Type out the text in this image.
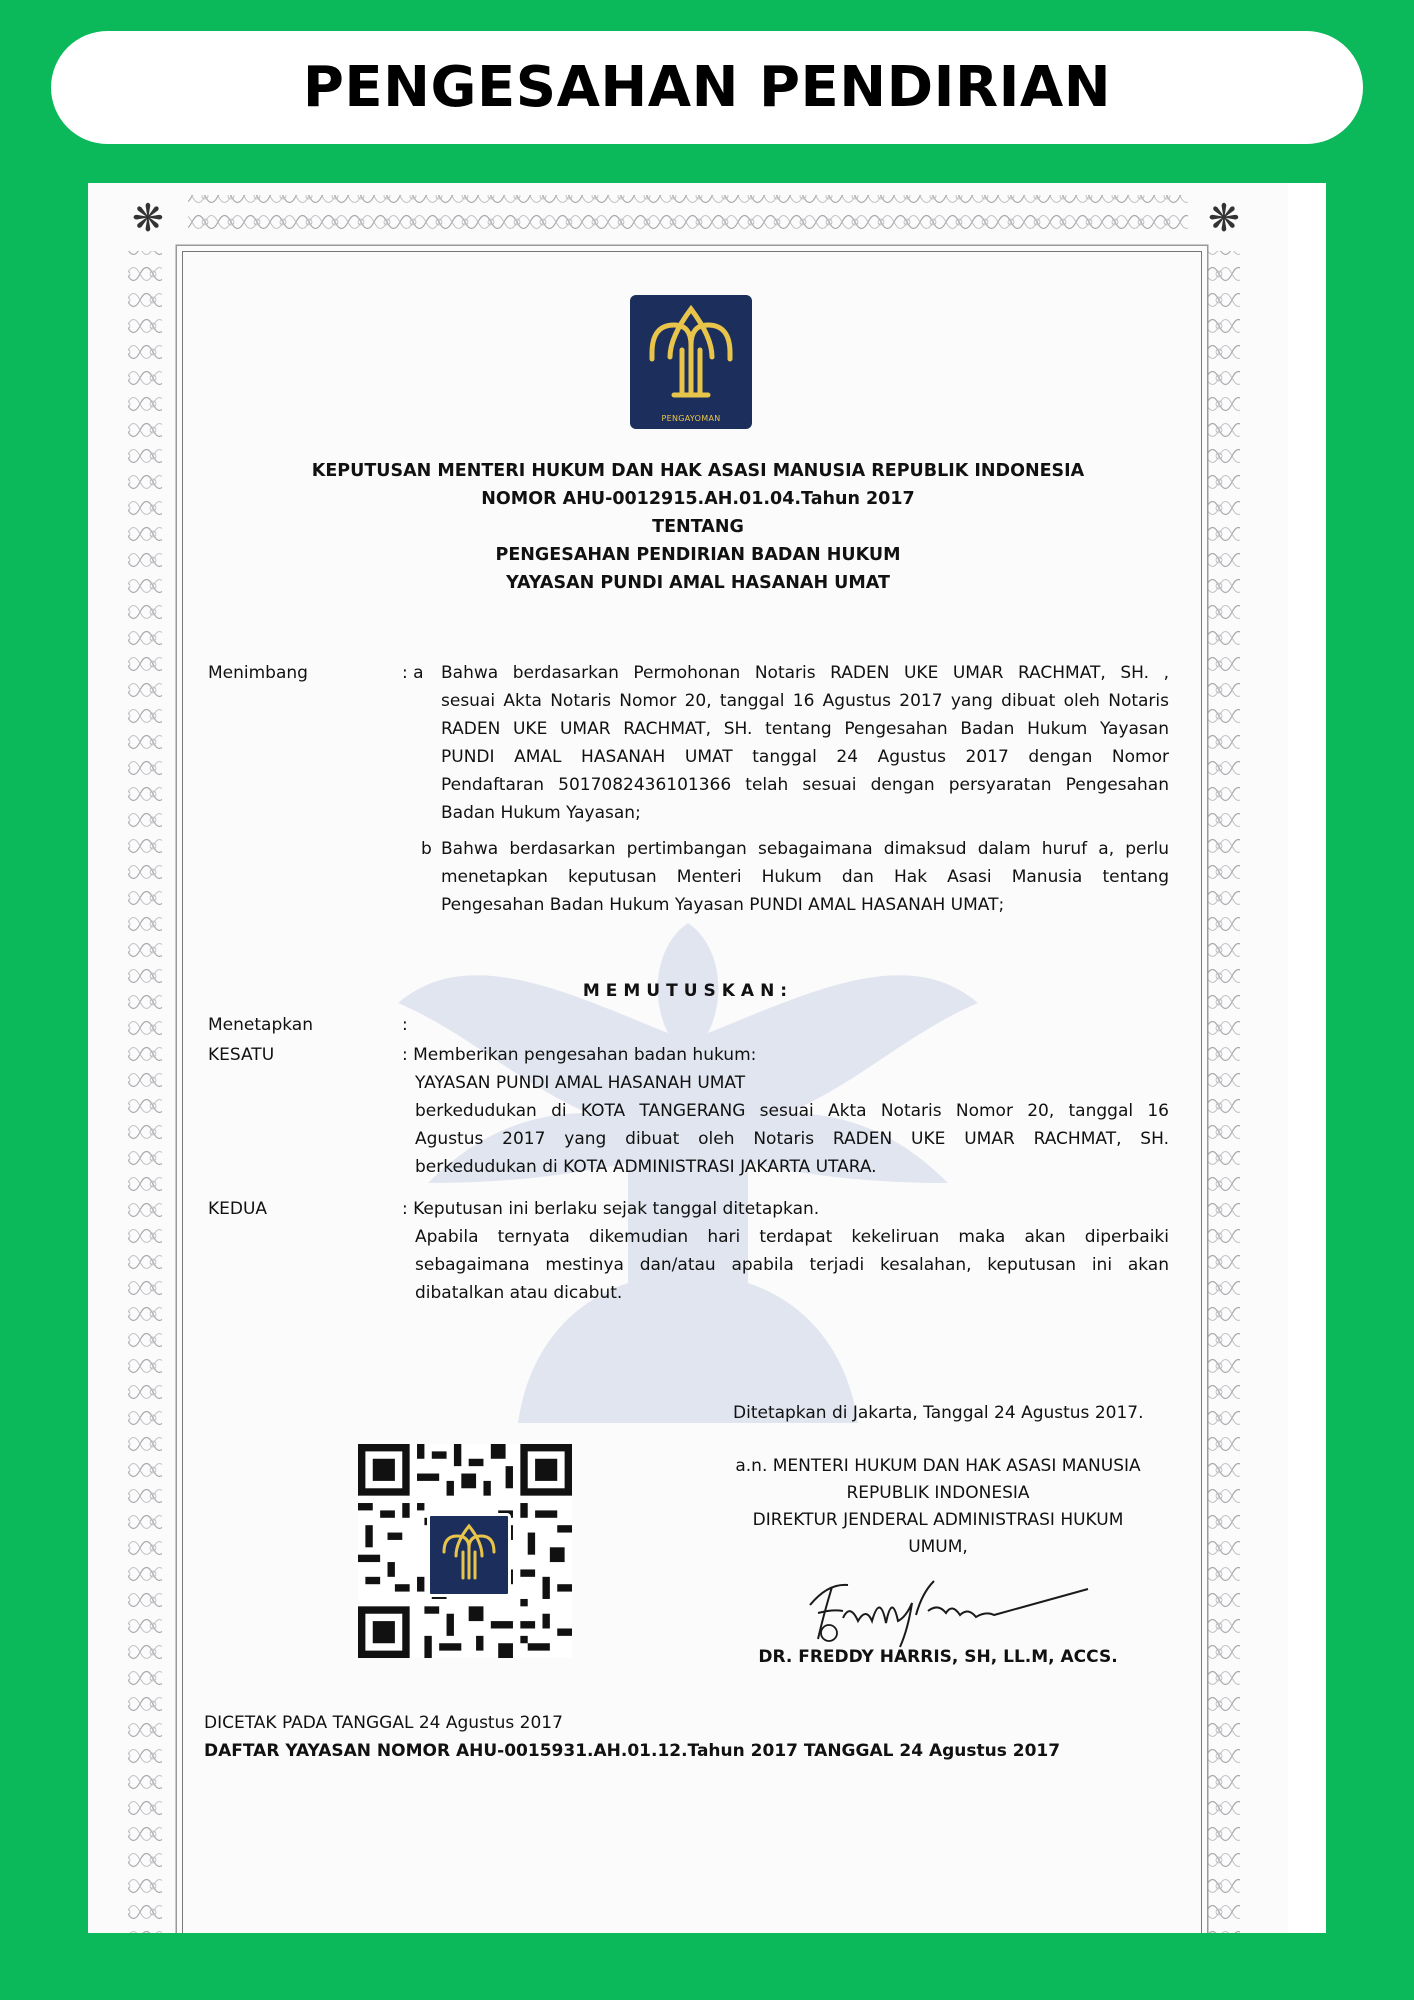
PENGESAHAN PENDIRIAN
❋	❋
PENGAYOMAN
KEPUTUSAN MENTERI HUKUM DAN HAK ASASI MANUSIA REPUBLIK INDONESIA
NOMOR AHU-0012915.AH.01.04.Tahun 2017
TENTANG
PENGESAHAN PENDIRIAN BADAN HUKUM
YAYASAN PUNDI AMAL HASANAH UMAT
Menimbang	: a Bahwa berdasarkan Permohonan Notaris RADEN UKE UMAR RACHMAT, SH. ,
sesuai Akta Notaris Nomor 20, tanggal 16 Agustus 2017 yang dibuat oleh Notaris
RADEN UKE UMAR RACHMAT, SH. tentang Pengesahan Badan Hukum Yayasan
PUNDI AMAL HASANAH UMAT tanggal 24 Agustus 2017 dengan Nomor
Pendaftaran 5017082436101366 telah sesuai dengan persyaratan Pengesahan
Badan Hukum Yayasan;
b Bahwa berdasarkan pertimbangan sebagaimana dimaksud dalam huruf a, perlu
menetapkan keputusan Menteri Hukum dan Hak Asasi Manusia tentang
Pengesahan Badan Hukum Yayasan PUNDI AMAL HASANAH UMAT;
MEMUTUSKAN:
Menetapkan	:
KESATU	: Memberikan pengesahan badan hukum:
YAYASAN PUNDI AMAL HASANAH UMAT
berkedudukan di KOTA TANGERANG sesuai Akta Notaris Nomor 20, tanggal 16
Agustus 2017 yang dibuat oleh Notaris RADEN UKE UMAR RACHMAT, SH.
berkedudukan di KOTA ADMINISTRASI JAKARTA UTARA.
KEDUA	: Keputusan ini berlaku sejak tanggal ditetapkan.
Apabila ternyata dikemudian hari terdapat kekeliruan maka akan diperbaiki
sebagaimana mestinya dan/atau apabila terjadi kesalahan, keputusan ini akan
dibatalkan atau dicabut.
Ditetapkan di Jakarta, Tanggal 24 Agustus 2017.
a.n. MENTERI HUKUM DAN HAK ASASI MANUSIA
REPUBLIK INDONESIA
DIREKTUR JENDERAL ADMINISTRASI HUKUM
UMUM,
DR. FREDDY HARRIS, SH, LL.M, ACCS.
DICETAK PADA TANGGAL 24 Agustus 2017
DAFTAR YAYASAN NOMOR AHU-0015931.AH.01.12.Tahun 2017 TANGGAL 24 Agustus 2017
